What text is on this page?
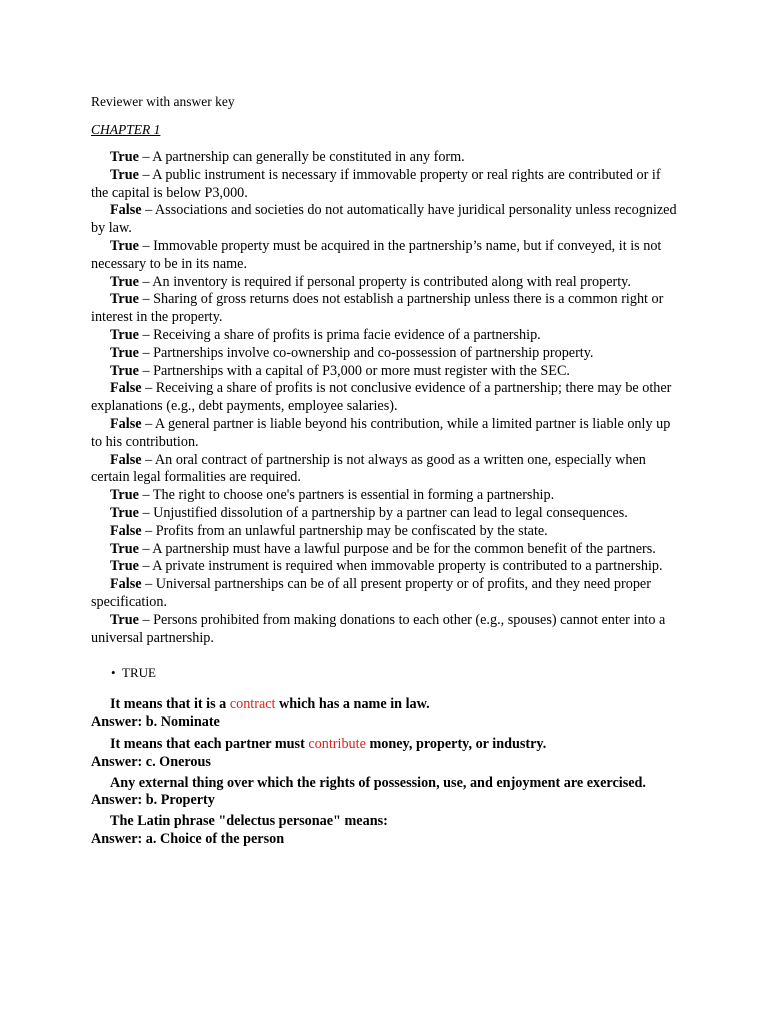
Reviewer with answer key

CHAPTER 1

True – A partnership can generally be constituted in any form.

True – A public instrument is necessary if immovable property or real rights are contributed or if the capital is below P3,000.

False – Associations and societies do not automatically have juridical personality unless recognized by law.

True – Immovable property must be acquired in the partnership’s name, but if conveyed, it is not necessary to be in its name.

True – An inventory is required if personal property is contributed along with real property.

True – Sharing of gross returns does not establish a partnership unless there is a common right or interest in the property.

True – Receiving a share of profits is prima facie evidence of a partnership.

True – Partnerships involve co-ownership and co-possession of partnership property.

True – Partnerships with a capital of P3,000 or more must register with the SEC.

False – Receiving a share of profits is not conclusive evidence of a partnership; there may be other explanations (e.g., debt payments, employee salaries).

False – A general partner is liable beyond his contribution, while a limited partner is liable only up to his contribution.

False – An oral contract of partnership is not always as good as a written one, especially when certain legal formalities are required.

True – The right to choose one's partners is essential in forming a partnership.

True – Unjustified dissolution of a partnership by a partner can lead to legal consequences.

False – Profits from an unlawful partnership may be confiscated by the state.

True – A partnership must have a lawful purpose and be for the common benefit of the partners.

True – A private instrument is required when immovable property is contributed to a partnership.

False – Universal partnerships can be of all present property or of profits, and they need proper specification.

True – Persons prohibited from making donations to each other (e.g., spouses) cannot enter into a universal partnership.

• TRUE

It means that it is a contract which has a name in law.

Answer: b. Nominate

It means that each partner must contribute money, property, or industry.

Answer: c. Onerous

Any external thing over which the rights of possession, use, and enjoyment are exercised.

Answer: b. Property

The Latin phrase "delectus personae" means:

Answer: a. Choice of the person
